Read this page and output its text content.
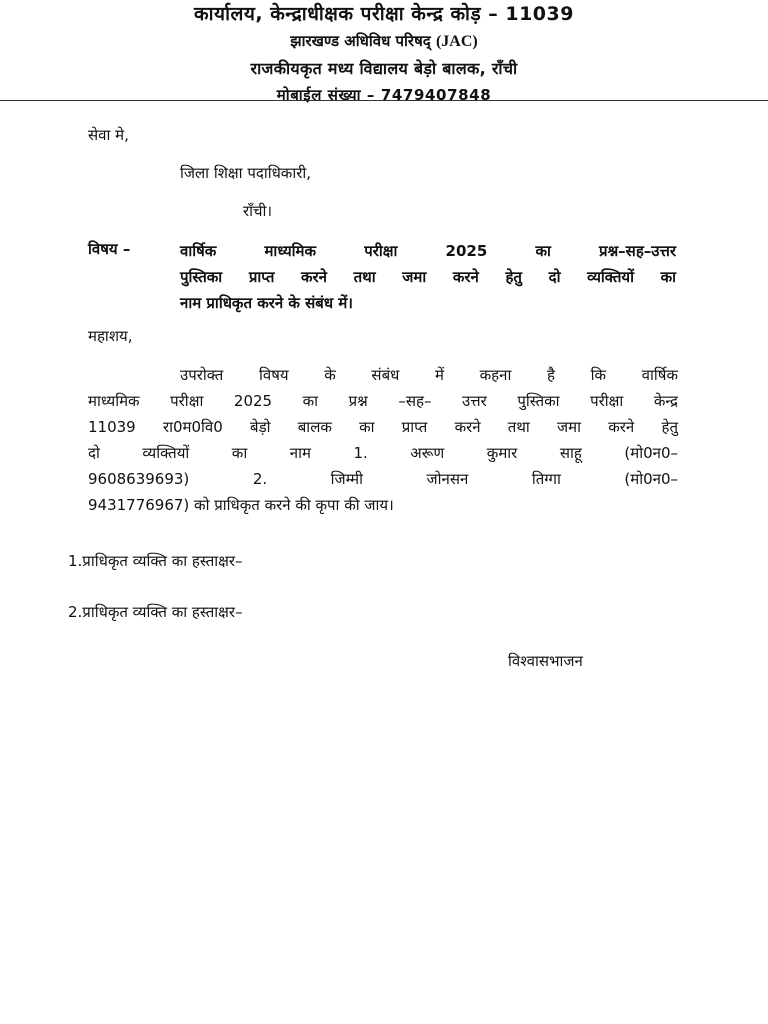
कार्यालय, केन्द्राधीक्षक परीक्षा केन्द्र कोड़ – 11039
झारखण्ड अधिविध परिषद् (JAC)
राजकीयकृत मध्य विद्यालय बेड़ो बालक, राँची
मोबाईल संख्या – 7479407848
सेवा मे,
जिला शिक्षा पदाधिकारी,
राँची।
विषय –	वार्षिक माध्यमिक परीक्षा 2025 का प्रश्न–सह–उत्तर
पुस्तिका प्राप्त करने तथा जमा करने हेतु दो व्यक्तियों का
नाम प्राधिकृत करने के संबंध में।
महाशय,
उपरोक्त विषय के संबंध में कहना है कि वार्षिक
माध्यमिक परीक्षा 2025 का प्रश्न –सह– उत्तर पुस्तिका परीक्षा केन्द्र
11039 रा0म0वि0 बेड़ो बालक का प्राप्त करने तथा जमा करने हेतु
दो व्यक्तियों का नाम 1. अरूण कुमार साहू (मो0न0–
9608639693) 2. जिम्मी जोनसन तिग्गा (मो0न0–
9431776967) को प्राधिकृत करने की कृपा की जाय।
1.प्राधिकृत व्यक्ति का हस्ताक्षर–
2.प्राधिकृत व्यक्ति का हस्ताक्षर–
विश्वासभाजन
